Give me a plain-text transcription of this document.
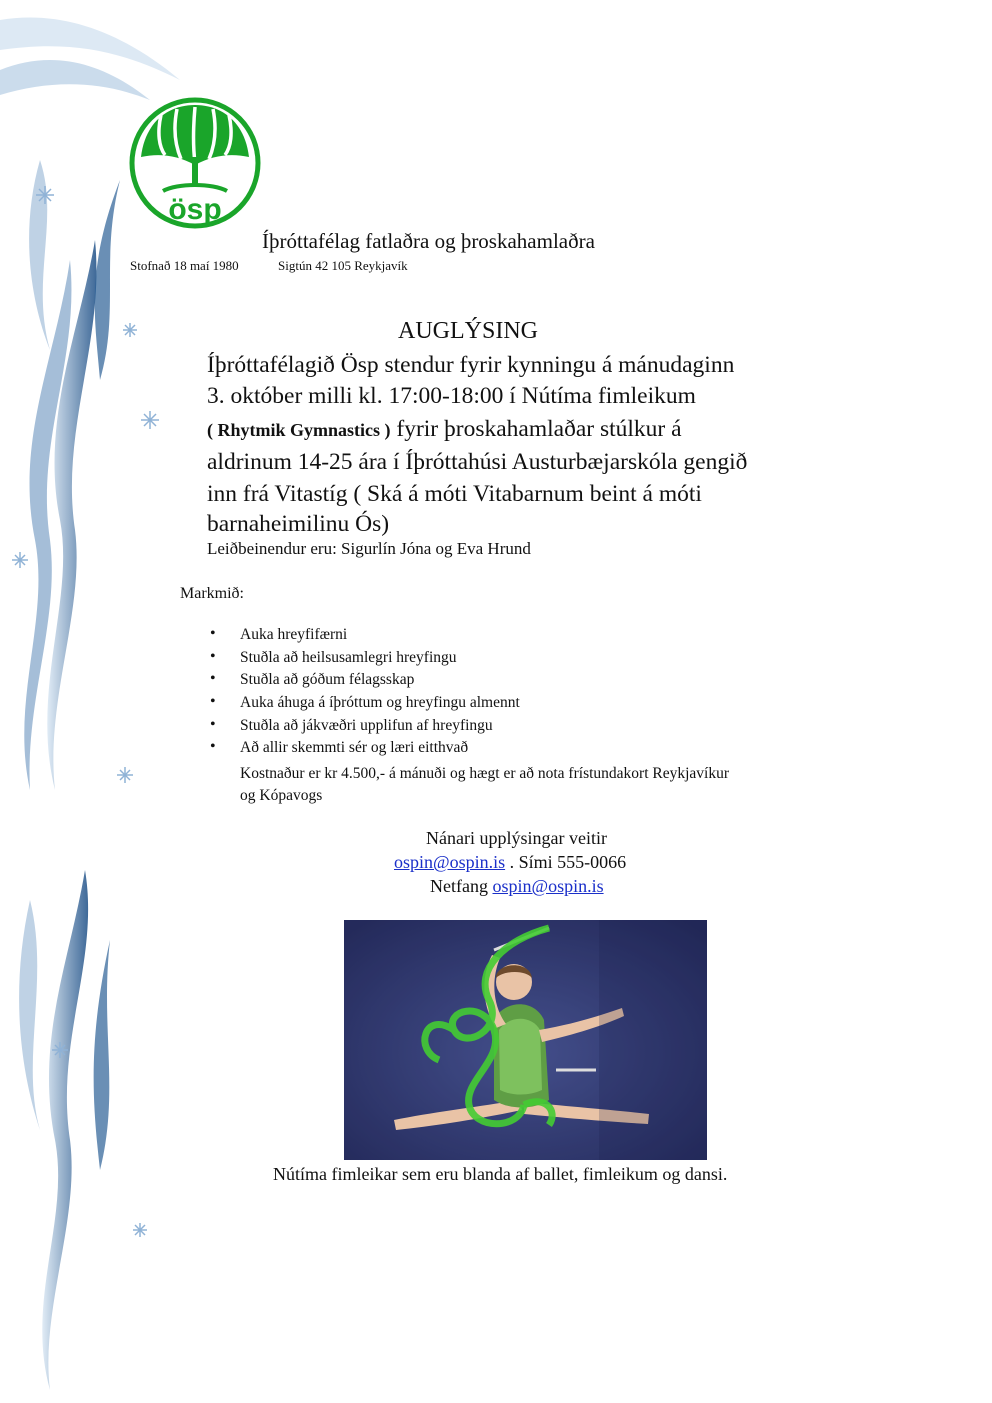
ösp
Íþróttafélag fatlaðra og þroskahamlaðra
Stofnað 18 maí 1980	Sigtún 42 105 Reykjavík
AUGLÝSING
Íþróttafélagið Ösp stendur fyrir kynningu á mánudaginn
3. október milli kl. 17:00-18:00 í Nútíma fimleikum
( Rhytmik Gymnastics ) fyrir þroskahamlaðar stúlkur á
aldrinum 14-25 ára í Íþróttahúsi Austurbæjarskóla gengið
inn frá Vitastíg ( Ská á móti Vitabarnum beint á móti
barnaheimilinu Ós)
Leiðbeinendur eru: Sigurlín Jóna og Eva Hrund
Markmið:
• Auka hreyfifærni
• Stuðla að heilsusamlegri hreyfingu
• Stuðla að góðum félagsskap
• Auka áhuga á íþróttum og hreyfingu almennt
• Stuðla að jákvæðri upplifun af hreyfingu
• Að allir skemmti sér og læri eitthvað
Kostnaður er kr 4.500,- á mánuði og hægt er að nota frístundakort Reykjavíkur
og Kópavogs
Nánari upplýsingar veitir
ospin@ospin.is . Sími 555-0066
Netfang ospin@ospin.is
Nútíma fimleikar sem eru blanda af ballet, fimleikum og dansi.
